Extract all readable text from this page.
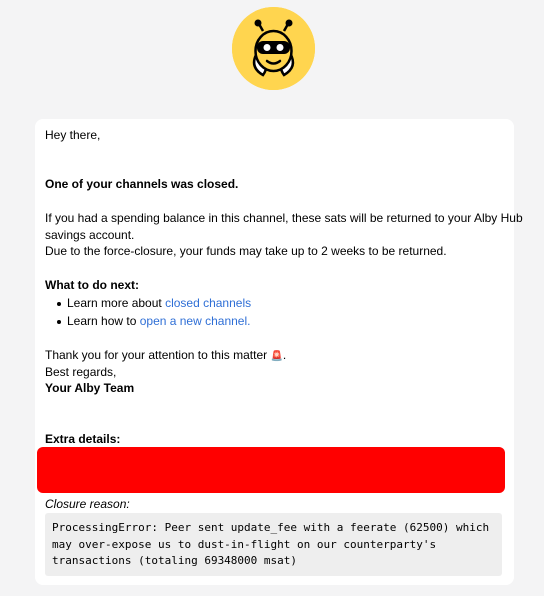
Hey there,
One of your channels was closed.
If you had a spending balance in this channel, these sats will be returned to your Alby Hub
savings account.
Due to the force-closure, your funds may take up to 2 weeks to be returned.
What to do next:
Learn more about closed channels
Learn how to open a new channel.
Thank you for your attention to this matter 🚨.
Best regards,
Your Alby Team
Extra details:
Closure reason:
ProcessingError: Peer sent update_fee with a feerate (62500) which
may over-expose us to dust-in-flight on our counterparty's
transactions (totaling 69348000 msat)
